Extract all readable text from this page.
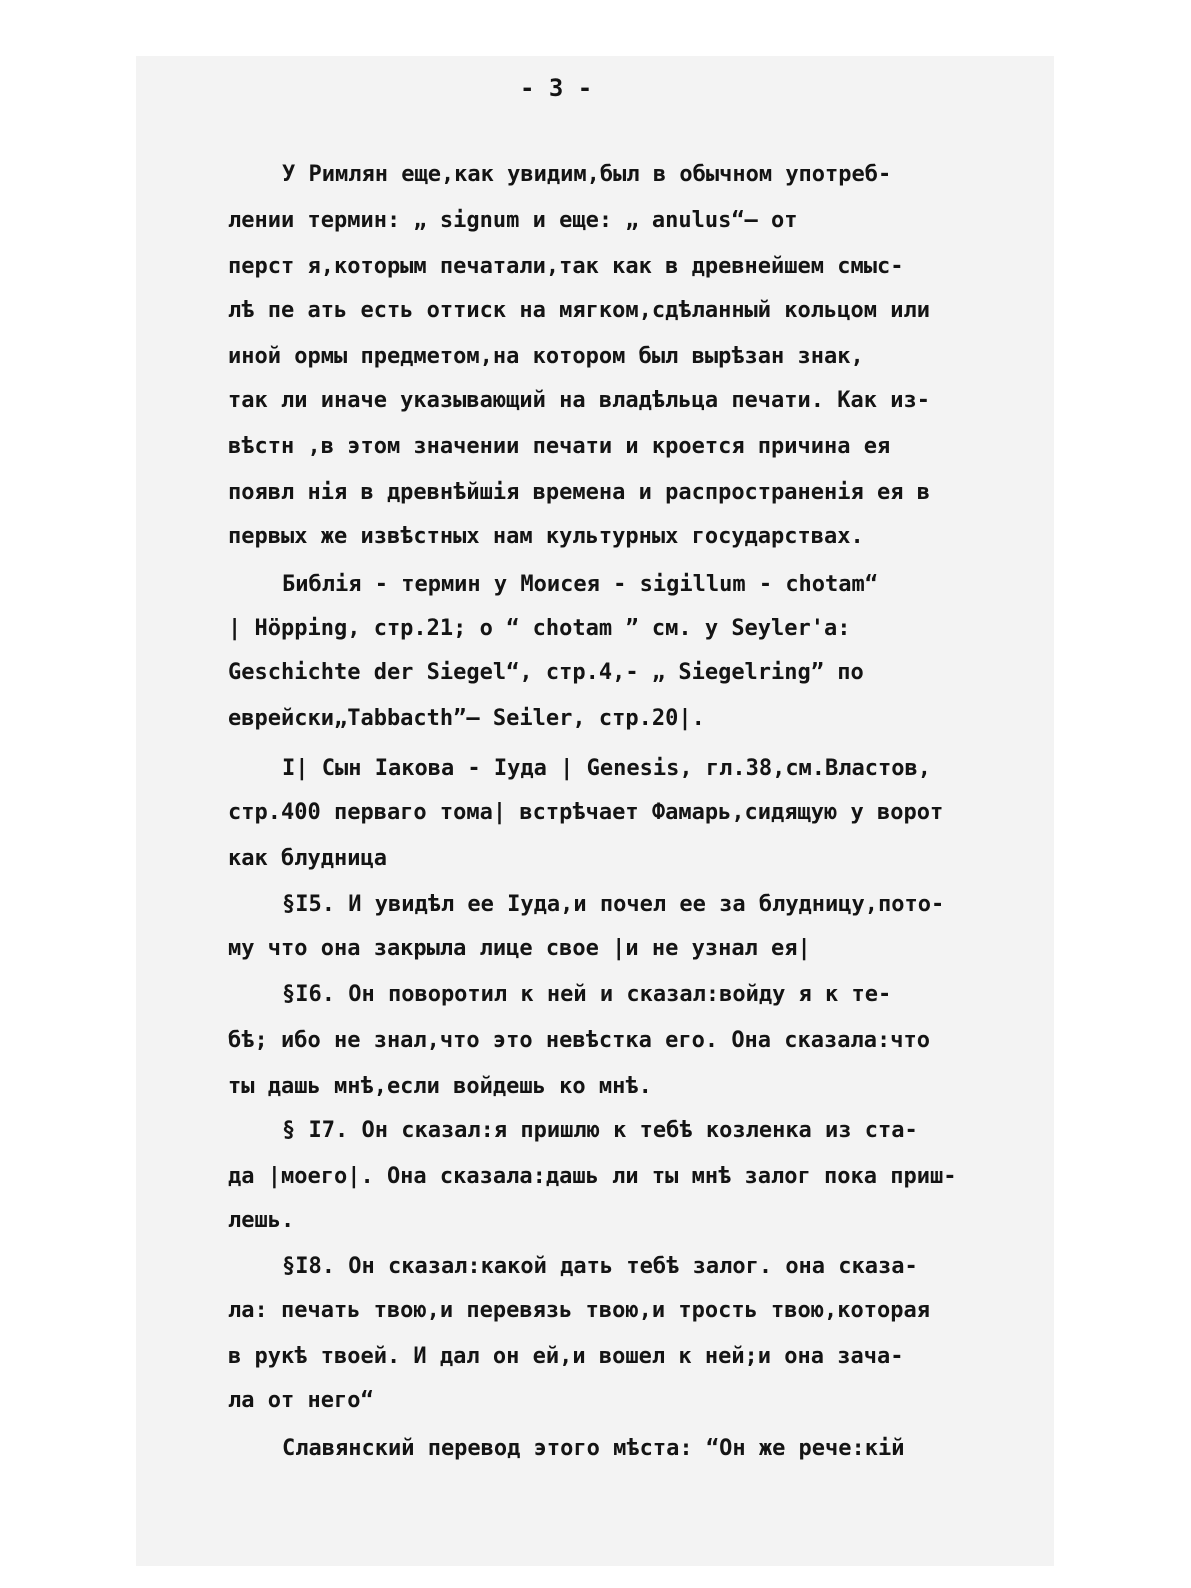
- 3 -
У Римлян еще,как увидим,был в обычном употреб-
лении термин: „ signum и еще: „ anulus“– от
перст я,которым печатали,так как в древнейшем смыс-
лѣ пе ать есть оттиск на мягком,сдѣланный кольцом или
иной ормы предметом,на котором был вырѣзан знак,
так ли иначе указывающий на владѣльца печати. Как из-
вѣстн ,в этом значении печати и кроется причина ея
появл нія в древнѣйшія времена и распространенія ея в
первых же извѣстных нам культурных государствах.
Библія - термин у Моисея - sigillum - chotam“
| Höpping, стр.21; о “ chotam ” см. у Seyler'a:
Geschichte der Siegel“, стр.4,- „ Siegelring” по
еврейски„Tabbacth”– Seiler, стр.20|.
I| Сын Iакова - Iуда | Genesis, гл.38,см.Властов,
стр.400 перваго тома| встрѣчает Фамарь,сидящую у ворот
как блудница
§I5. И увидѣл ее Iуда,и почел ее за блудницу,пото-
му что она закрыла лице свое |и не узнал ея|
§I6. Он поворотил к ней и сказал:войду я к те-
бѣ; ибо не знал,что это невѣстка его. Она сказала:что
ты дашь мнѣ,если войдешь ко мнѣ.
§ I7. Он сказал:я пришлю к тебѣ козленка из ста-
да |моего|. Она сказала:дашь ли ты мнѣ залог пока приш-
лешь.
§I8. Он сказал:какой дать тебѣ залог. она сказа-
ла: печать твою,и перевязь твою,и трость твою,которая
в рукѣ твоей. И дал он ей,и вошел к ней;и она зача-
ла от него“
Славянский перевод этого мѣста: “Он же рече:кій
